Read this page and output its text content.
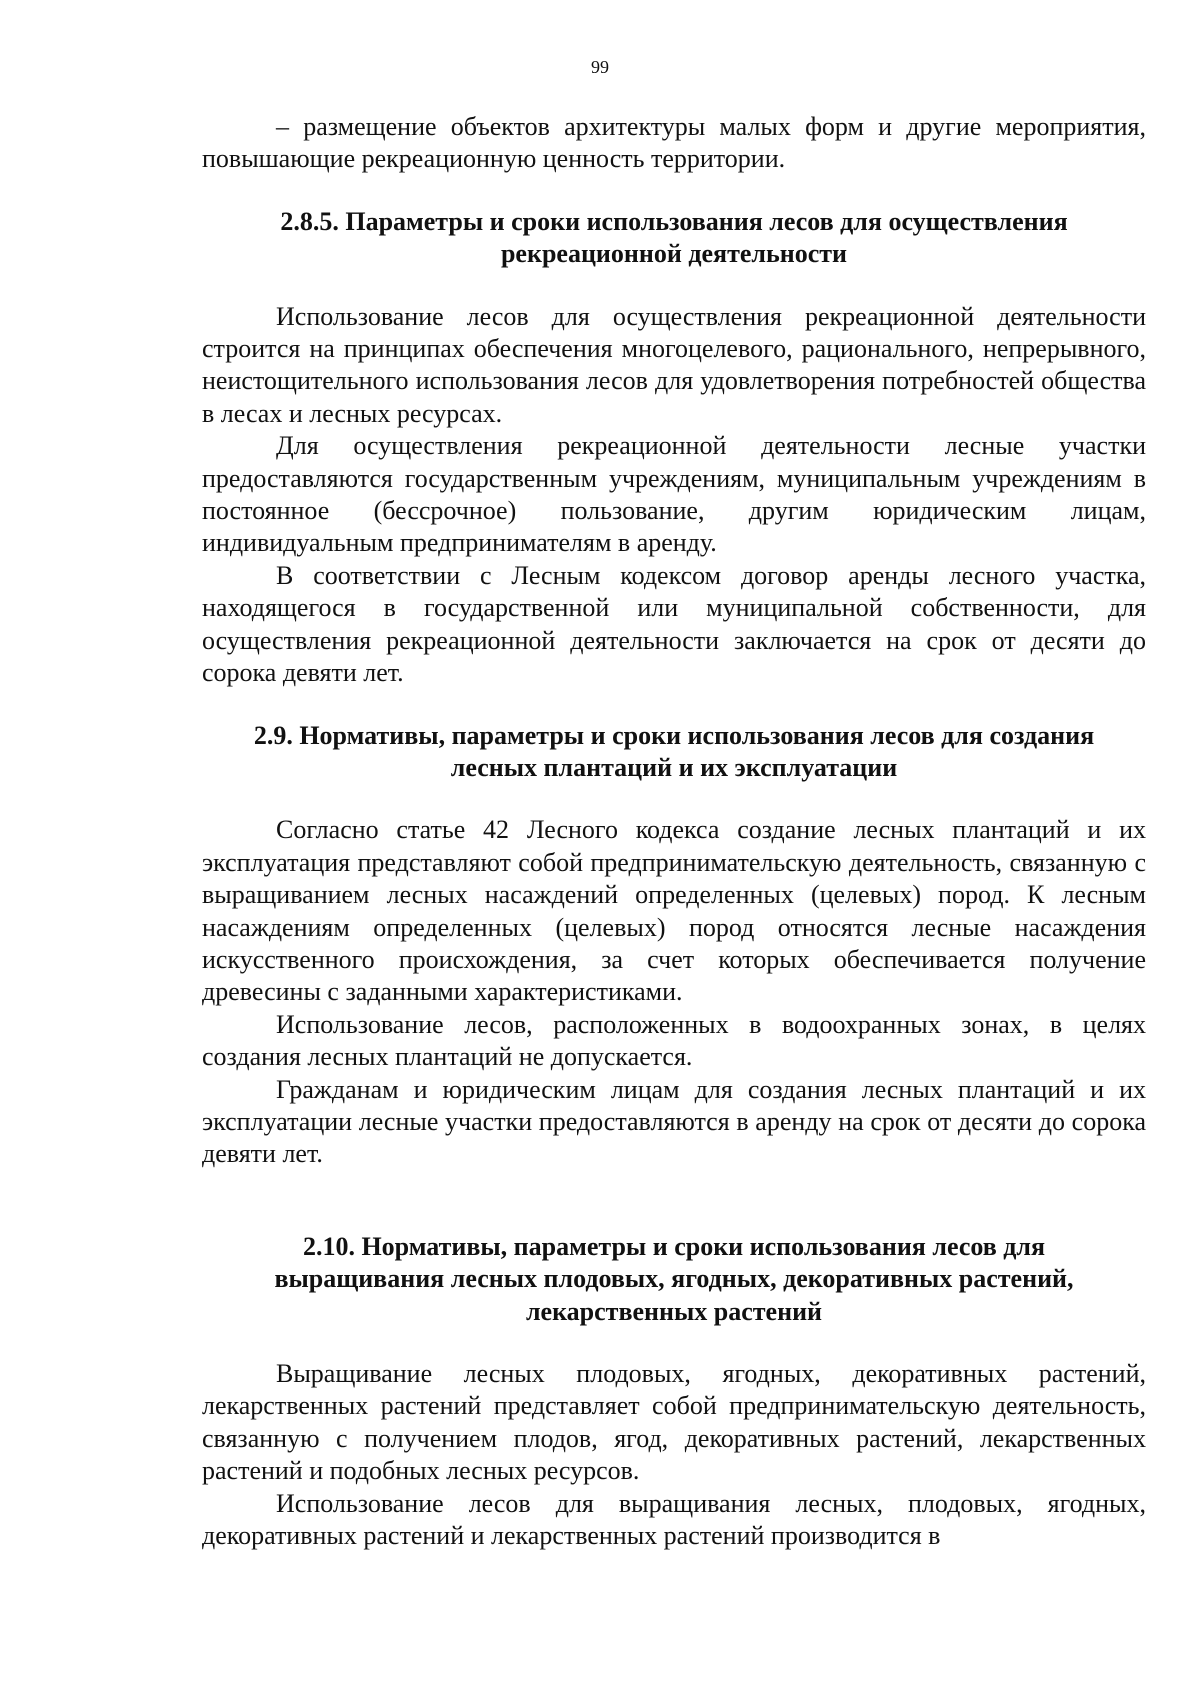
99

– размещение объектов архитектуры малых форм и другие мероприятия, повышающие рекреационную ценность территории.

2.8.5. Параметры и сроки использования лесов для осуществления
рекреационной деятельности

Использование лесов для осуществления рекреационной деятельности строится на принципах обеспечения многоцелевого, рационального, непрерывного, неистощительного использования лесов для удовлетворения потребностей общества в лесах и лесных ресурсах.

Для осуществления рекреационной деятельности лесные участки предоставляются государственным учреждениям, муниципальным учреждениям в постоянное (бессрочное) пользование, другим юридическим лицам, индивидуальным предпринимателям в аренду.

В соответствии с Лесным кодексом договор аренды лесного участка, находящегося в государственной или муниципальной собственности, для осуществления рекреационной деятельности заключается на срок от десяти до сорока девяти лет.

2.9. Нормативы, параметры и сроки использования лесов для создания
лесных плантаций и их эксплуатации

Согласно статье 42 Лесного кодекса создание лесных плантаций и их эксплуатация представляют собой предпринимательскую деятельность, связанную с выращиванием лесных насаждений определенных (целевых) пород. К лесным насаждениям определенных (целевых) пород относятся лесные насаждения искусственного происхождения, за счет которых обеспечивается получение древесины с заданными характеристиками.

Использование лесов, расположенных в водоохранных зонах, в целях создания лесных плантаций не допускается.

Гражданам и юридическим лицам для создания лесных плантаций и их эксплуатации лесные участки предоставляются в аренду на срок от десяти до сорока девяти лет.

2.10. Нормативы, параметры и сроки использования лесов для
выращивания лесных плодовых, ягодных, декоративных растений,
лекарственных растений

Выращивание лесных плодовых, ягодных, декоративных растений, лекарственных растений представляет собой предпринимательскую деятельность, связанную с получением плодов, ягод, декоративных растений, лекарственных растений и подобных лесных ресурсов.

Использование лесов для выращивания лесных, плодовых, ягодных, декоративных растений и лекарственных растений производится в
